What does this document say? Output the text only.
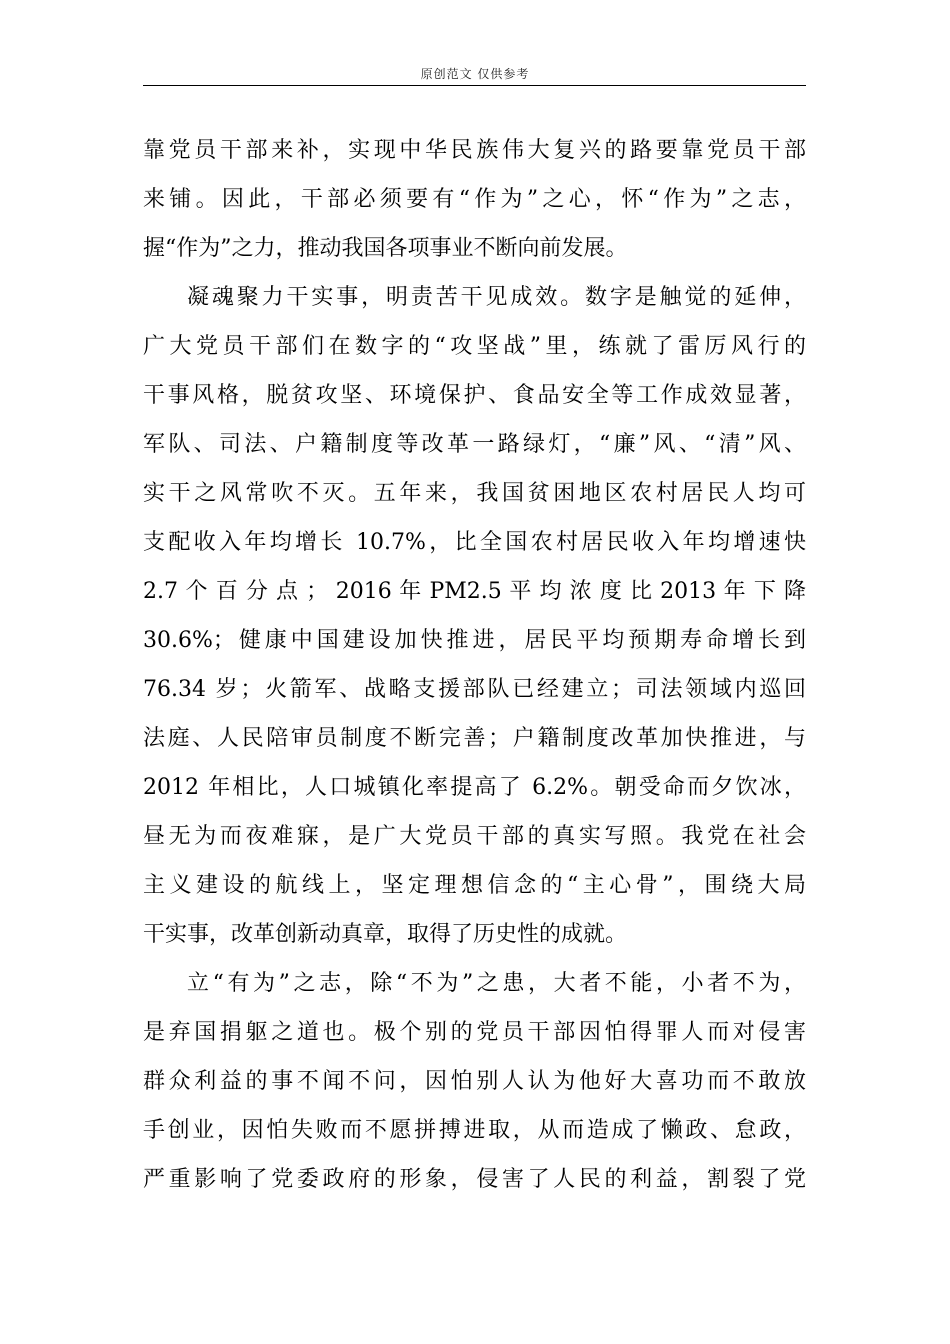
原创范文 仅供参考
靠党员干部来补，实现中华民族伟大复兴的路要靠党员干部
来铺。因此，干部必须要有“作为”之心，怀“作为”之志，
握“作为”之力，推动我国各项事业不断向前发展。
凝魂聚力干实事，明责苦干见成效。数字是触觉的延伸，
广大党员干部们在数字的“攻坚战”里，练就了雷厉风行的
干事风格，脱贫攻坚、环境保护、食品安全等工作成效显著，
军队、司法、户籍制度等改革一路绿灯，“廉”风、“清”风、
实干之风常吹不灭。五年来，我国贫困地区农村居民人均可
支配收入年均增长 10.7%，比全国农村居民收入年均增速快
2.7 个 百 分 点 ； 2016 年 PM2.5 平 均 浓 度 比 2013 年 下 降
30.6%；健康中国建设加快推进，居民平均预期寿命增长到
76.34 岁；火箭军、战略支援部队已经建立；司法领域内巡回
法庭、人民陪审员制度不断完善；户籍制度改革加快推进，与
2012 年相比，人口城镇化率提高了 6.2%。朝受命而夕饮冰，
昼无为而夜难寐，是广大党员干部的真实写照。我党在社会
主义建设的航线上，坚定理想信念的“主心骨”，围绕大局
干实事，改革创新动真章，取得了历史性的成就。
立“有为”之志，除“不为”之患，大者不能，小者不为，
是弃国捐躯之道也。极个别的党员干部因怕得罪人而对侵害
群众利益的事不闻不问，因怕别人认为他好大喜功而不敢放
手创业，因怕失败而不愿拼搏进取，从而造成了懒政、怠政，
严重影响了党委政府的形象，侵害了人民的利益，割裂了党
